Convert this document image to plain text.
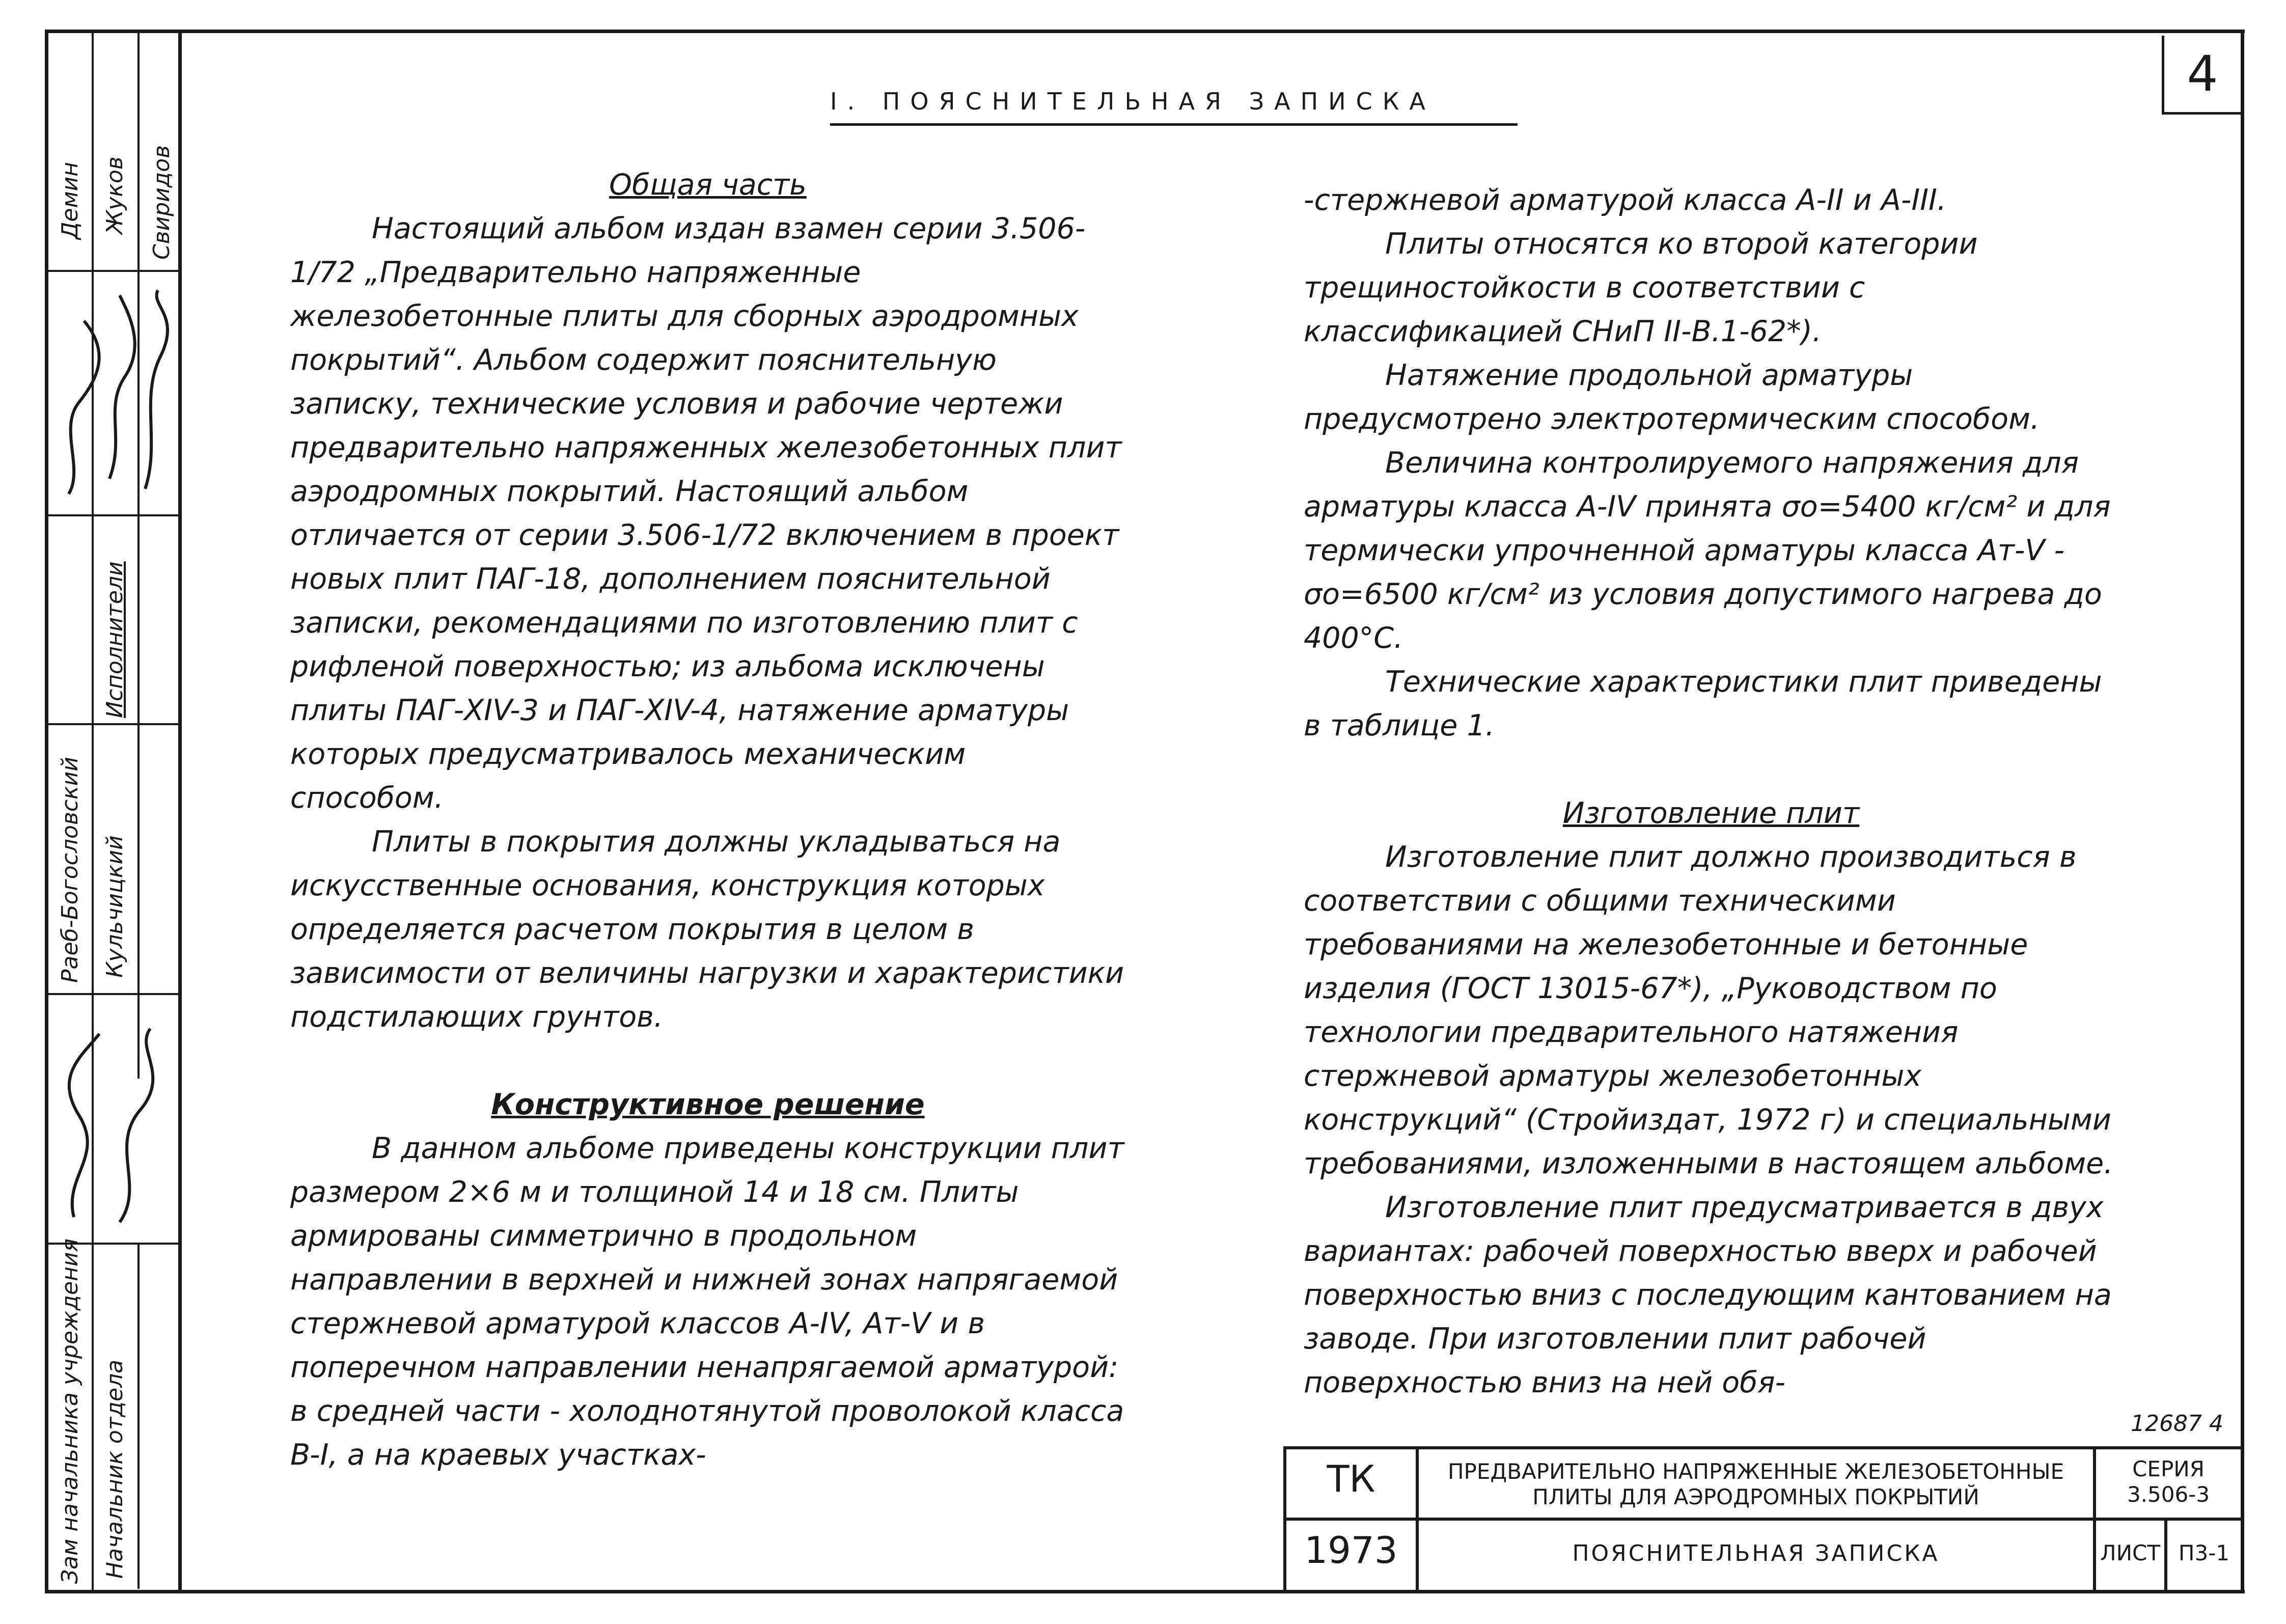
Демин Жуков Свиридов
Исполнители
Раеб-Богословский Кульчицкий
Зам начальника учреждения Начальник отдела
I. ПОЯСНИТЕЛЬНАЯ ЗАПИСКА	4

Общая часть

Настоящий альбом издан взамен серии 3.506-1/72 „Предварительно напряженные железобетонные плиты для сборных аэродромных покрытий“. Альбом содержит пояснительную записку, технические условия и рабочие чертежи предварительно напряженных железобетонных плит аэродромных покрытий. Настоящий альбом отличается от серии 3.506-1/72 включением в проект новых плит ПАГ-18, дополнением пояснительной записки, рекомендациями по изготовлению плит с рифленой поверхностью; из альбома исключены плиты ПАГ-XIV-3 и ПАГ-XIV-4, натяжение арматуры которых предусматривалось механическим способом.

Плиты в покрытия должны укладываться на искусственные основания, конструкция которых определяется расчетом покрытия в целом в зависимости от величины нагрузки и характеристики подстилающих грунтов.

Конструктивное решение

В данном альбоме приведены конструкции плит размером 2×6 м и толщиной 14 и 18 см. Плиты армированы симметрично в продольном направлении в верхней и нижней зонах напрягаемой стержневой арматурой классов A-IV, Aт-V и в поперечном направлении ненапрягаемой арматурой: в средней части - холоднотянутой проволокой класса B-I, а на краевых участках-

-стержневой арматурой класса A-II и A-III.

Плиты относятся ко второй категории трещиностойкости в соответствии с классификацией СНиП II-В.1-62*).

Натяжение продольной арматуры предусмотрено электротермическим способом.

Величина контролируемого напряжения для арматуры класса A-IV принята σо=5400 кг/см² и для термически упрочненной арматуры класса Aт-V - σо=6500 кг/см² из условия допустимого нагрева до 400°С.

Технические характеристики плит приведены в таблице 1.

Изготовление плит

Изготовление плит должно производиться в соответствии с общими техническими требованиями на железобетонные и бетонные изделия (ГОСТ 13015-67*), „Руководством по технологии предварительного натяжения стержневой арматуры железобетонных конструкций“ (Стройиздат, 1972 г) и специальными требованиями, изложенными в настоящем альбоме.

Изготовление плит предусматривается в двух вариантах: рабочей поверхностью вверх и рабочей поверхностью вниз с последующим кантованием на заводе. При изготовлении плит рабочей поверхностью вниз на ней обя-

12687 4
ТК
1973
ПРЕДВАРИТЕЛЬНО НАПРЯЖЕННЫЕ ЖЕЛЕЗОБЕТОННЫЕ
ПЛИТЫ ДЛЯ АЭРОДРОМНЫХ ПОКРЫТИЙ
СЕРИЯ
3.506-3
ПОЯСНИТЕЛЬНАЯ ЗАПИСКА	ЛИСТ П3-1
